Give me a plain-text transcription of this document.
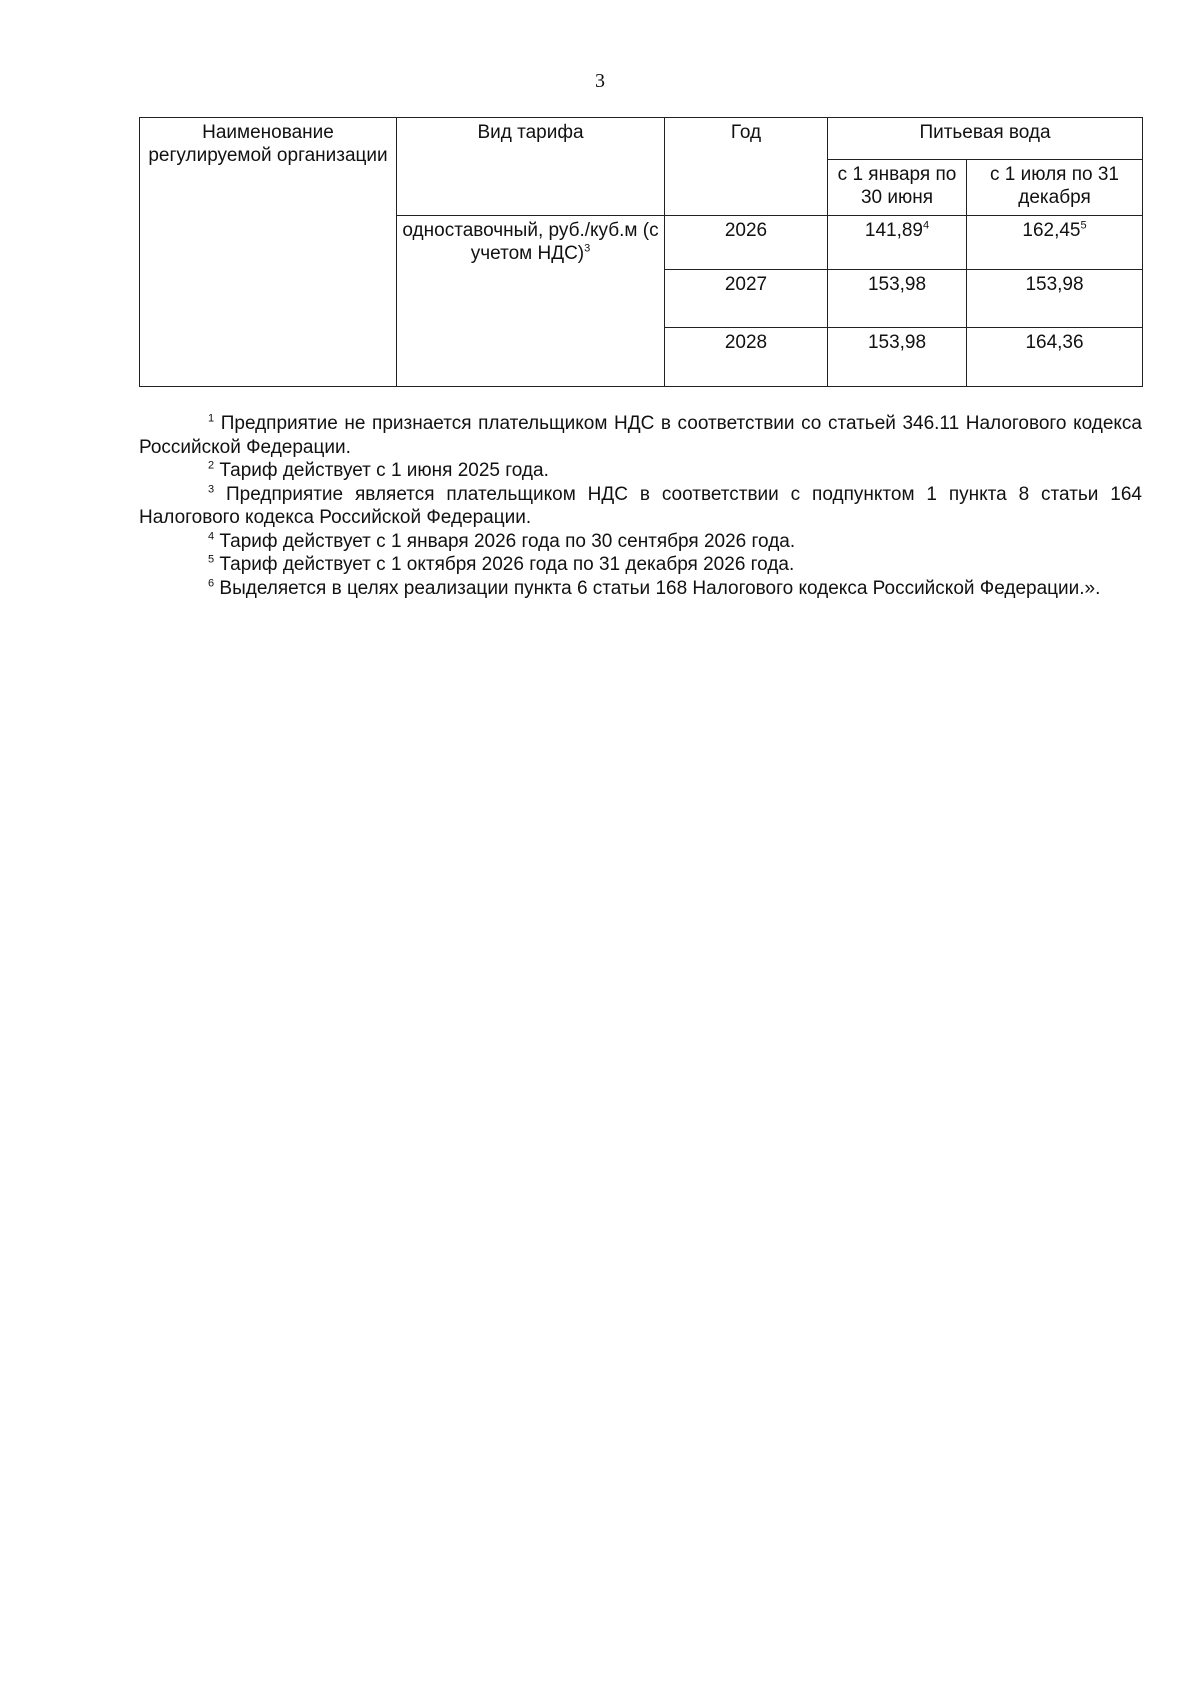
3
Наименование регулируемой организации	Вид тарифа	Год	Питьевая вода	
			с 1 января по 30 июня	с 1 июля по 31 декабря
	одноставочный, руб./куб.м (с учетом НДС)$^3$	2026	141,89$^4$	162,45$^5$
		2027	153,98	153,98
		2028	153,98	164,36

$^1$ Предприятие не признается плательщиком НДС в соответствии со статьей 346.11 Налогового кодекса Российской Федерации.

$^2$ Тариф действует с 1 июня 2025 года.

$^3$ Предприятие является плательщиком НДС в соответствии с подпунктом 1 пункта 8 статьи 164 Налогового кодекса Российской Федерации.

$^4$ Тариф действует с 1 января 2026 года по 30 сентября 2026 года.

$^5$ Тариф действует с 1 октября 2026 года по 31 декабря 2026 года.

$^6$ Выделяется в целях реализации пункта 6 статьи 168 Налогового кодекса Российской Федерации.».
